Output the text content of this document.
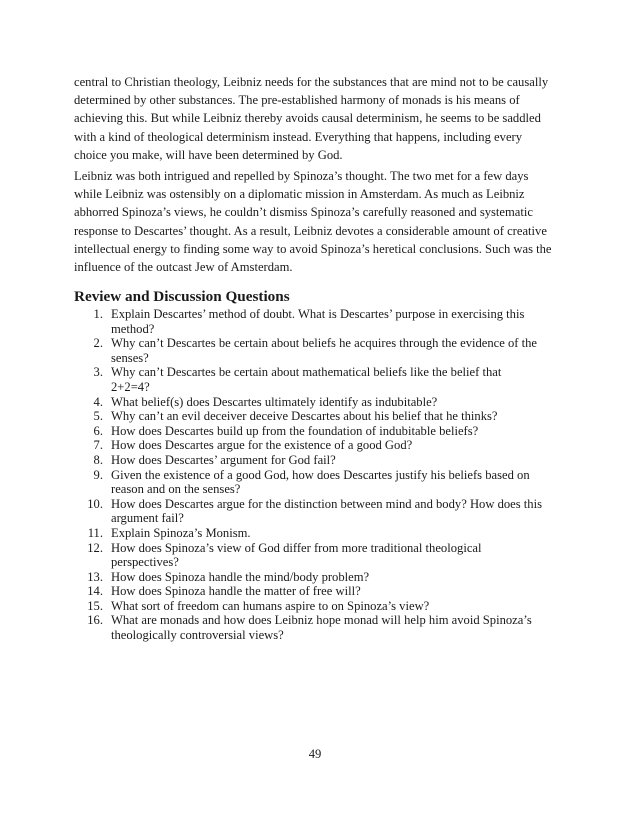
central to Christian theology, Leibniz needs for the substances that are mind not to be causally determined by other substances. The pre-established harmony of monads is his means of achieving this. But while Leibniz thereby avoids causal determinism, he seems to be saddled with a kind of theological determinism instead. Everything that happens, including every choice you make, will have been determined by God.

Leibniz was both intrigued and repelled by Spinoza’s thought. The two met for a few days while Leibniz was ostensibly on a diplomatic mission in Amsterdam. As much as Leibniz abhorred Spinoza’s views, he couldn’t dismiss Spinoza’s carefully reasoned and systematic response to Descartes’ thought. As a result, Leibniz devotes a considerable amount of creative intellectual energy to finding some way to avoid Spinoza’s heretical conclusions. Such was the influence of the outcast Jew of Amsterdam.

Review and Discussion Questions
1. Explain Descartes’ method of doubt. What is Descartes’ purpose in exercising this method?
2. Why can’t Descartes be certain about beliefs he acquires through the evidence of the senses?
3. Why can’t Descartes be certain about mathematical beliefs like the belief that 2+2=4?
4. What belief(s) does Descartes ultimately identify as indubitable?
5. Why can’t an evil deceiver deceive Descartes about his belief that he thinks?
6. How does Descartes build up from the foundation of indubitable beliefs?
7. How does Descartes argue for the existence of a good God?
8. How does Descartes’ argument for God fail?
9. Given the existence of a good God, how does Descartes justify his beliefs based on reason and on the senses?
10. How does Descartes argue for the distinction between mind and body? How does this argument fail?
11. Explain Spinoza’s Monism.
12. How does Spinoza’s view of God differ from more traditional theological perspectives?
13. How does Spinoza handle the mind/body problem?
14. How does Spinoza handle the matter of free will?
15. What sort of freedom can humans aspire to on Spinoza’s view?
16. What are monads and how does Leibniz hope monad will help him avoid Spinoza’s theologically controversial views?
49
